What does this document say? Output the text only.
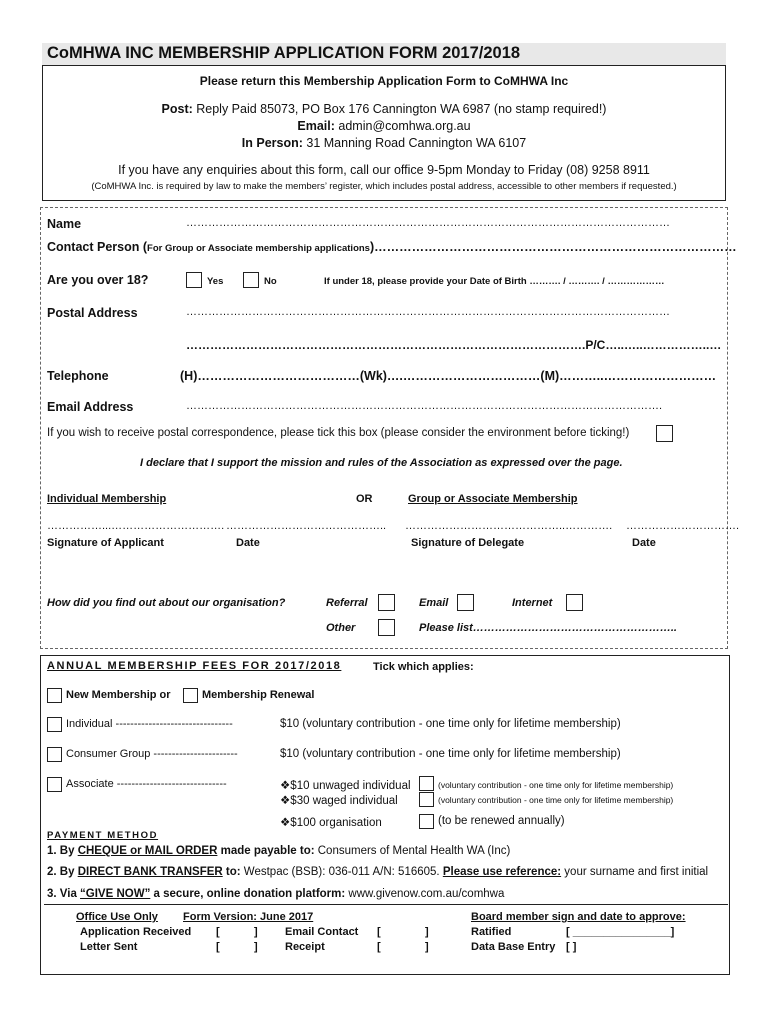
CoMHWA INC MEMBERSHIP APPLICATION FORM 2017/2018
Please return this Membership Application Form to CoMHWA Inc
Post: Reply Paid 85073, PO Box 176 Cannington WA 6987 (no stamp required!)
Email: admin@comhwa.org.au
In Person: 31 Manning Road Cannington WA 6107
If you have any enquiries about this form, call our office 9-5pm Monday to Friday (08) 9258 8911
(CoMHWA Inc. is required by law to make the members’ register, which includes postal address, accessible to other members if requested.)
Name	……………………………………………………………………………………………………………………
Contact Person (For Group or Associate membership applications)……………………………………………………………………………
Are you over 18?	Yes	No	If under 18, please provide your Date of Birth ………. / ………. / ………………
Postal Address	……………………………………………………………………………………………………………………
……………………………………………………………………………………….P/C…..…..……………..…
Telephone	(H)…………………………………(Wk)….……………………………(M)………..………………………
Email Address	………………………………………………………………………………………………………………….
If you wish to receive postal correspondence, please tick this box (please consider the environment before ticking!)
I declare that I support the mission and rules of the Association as expressed over the page.
Individual Membership	OR	Group or Associate Membership
……………...…………………………. …………………………………….. ……………………………………..…………. ………………………….
Signature of Applicant	Date	Signature of Delegate	Date
How did you find out about our organisation?	Referral	Email	Internet
Other	Please list………………………………………………..
ANNUAL MEMBERSHIP FEES FOR 2017/2018	Tick which applies:
New Membership or	Membership Renewal
Individual --------------------------------	$10 (voluntary contribution - one time only for lifetime membership)
Consumer Group -----------------------	$10 (voluntary contribution - one time only for lifetime membership)
Associate ------------------------------	❖$10 unwaged individual	(voluntary contribution - one time only for lifetime membership)
❖$30 waged individual	(voluntary contribution - one time only for lifetime membership)
❖$100 organisation	(to be renewed annually)
PAYMENT METHOD
1. By CHEQUE or MAIL ORDER made payable to: Consumers of Mental Health WA (Inc)
2. By DIRECT BANK TRANSFER to: Westpac (BSB): 036-011 A/N: 516605. Please use reference: your surname and first initial
3. Via “GIVE NOW” a secure, online donation platform: www.givenow.com.au/comhwa
Office Use Only Form Version: June 2017	Board member sign and date to approve:
Application Received [	] Email Contact [	]	Ratified	[ ________________]
Letter Sent	[	] Receipt	[	]	Data Base Entry [ ]
